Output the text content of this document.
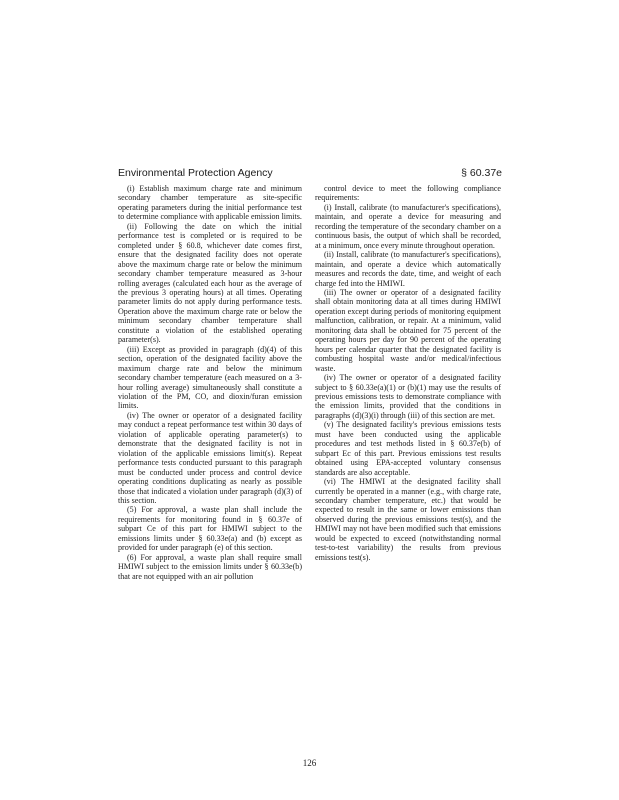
Environmental Protection Agency	§ 60.37e

(i) Establish maximum charge rate and minimum secondary chamber temperature as site-specific operating parameters during the initial performance test to determine compliance with applicable emission limits.

(ii) Following the date on which the initial performance test is completed or is required to be completed under § 60.8, whichever date comes first, ensure that the designated facility does not operate above the maximum charge rate or below the minimum secondary chamber temperature measured as 3-hour rolling averages (calculated each hour as the average of the previous 3 operating hours) at all times. Operating parameter limits do not apply during performance tests. Operation above the maximum charge rate or below the minimum secondary chamber temperature shall constitute a violation of the established operating parameter(s).

(iii) Except as provided in paragraph (d)(4) of this section, operation of the designated facility above the maximum charge rate and below the minimum secondary chamber temperature (each measured on a 3-hour rolling average) simultaneously shall constitute a violation of the PM, CO, and dioxin/furan emission limits.

(iv) The owner or operator of a designated facility may conduct a repeat performance test within 30 days of violation of applicable operating parameter(s) to demonstrate that the designated facility is not in violation of the applicable emissions limit(s). Repeat performance tests conducted pursuant to this paragraph must be conducted under process and control device operating conditions duplicating as nearly as possible those that indicated a violation under paragraph (d)(3) of this section.

(5) For approval, a waste plan shall include the requirements for monitoring found in § 60.37e of subpart Ce of this part for HMIWI subject to the emissions limits under § 60.33e(a) and (b) except as provided for under paragraph (e) of this section.

(6) For approval, a waste plan shall require small HMIWI subject to the emission limits under § 60.33e(b) that are not equipped with an air pollution

control device to meet the following compliance requirements:

(i) Install, calibrate (to manufacturer's specifications), maintain, and operate a device for measuring and recording the temperature of the secondary chamber on a continuous basis, the output of which shall be recorded, at a minimum, once every minute throughout operation.

(ii) Install, calibrate (to manufacturer's specifications), maintain, and operate a device which automatically measures and records the date, time, and weight of each charge fed into the HMIWI.

(iii) The owner or operator of a designated facility shall obtain monitoring data at all times during HMIWI operation except during periods of monitoring equipment malfunction, calibration, or repair. At a minimum, valid monitoring data shall be obtained for 75 percent of the operating hours per day for 90 percent of the operating hours per calendar quarter that the designated facility is combusting hospital waste and/or medical/infectious waste.

(iv) The owner or operator of a designated facility subject to § 60.33e(a)(1) or (b)(1) may use the results of previous emissions tests to demonstrate compliance with the emission limits, provided that the conditions in paragraphs (d)(3)(i) through (iii) of this section are met.

(v) The designated facility's previous emissions tests must have been conducted using the applicable procedures and test methods listed in § 60.37e(b) of subpart Ec of this part. Previous emissions test results obtained using EPA-accepted voluntary consensus standards are also acceptable.

(vi) The HMIWI at the designated facility shall currently be operated in a manner (e.g., with charge rate, secondary chamber temperature, etc.) that would be expected to result in the same or lower emissions than observed during the previous emissions test(s), and the HMIWI may not have been modified such that emissions would be expected to exceed (notwithstanding normal test-to-test variability) the results from previous emissions test(s).

126
